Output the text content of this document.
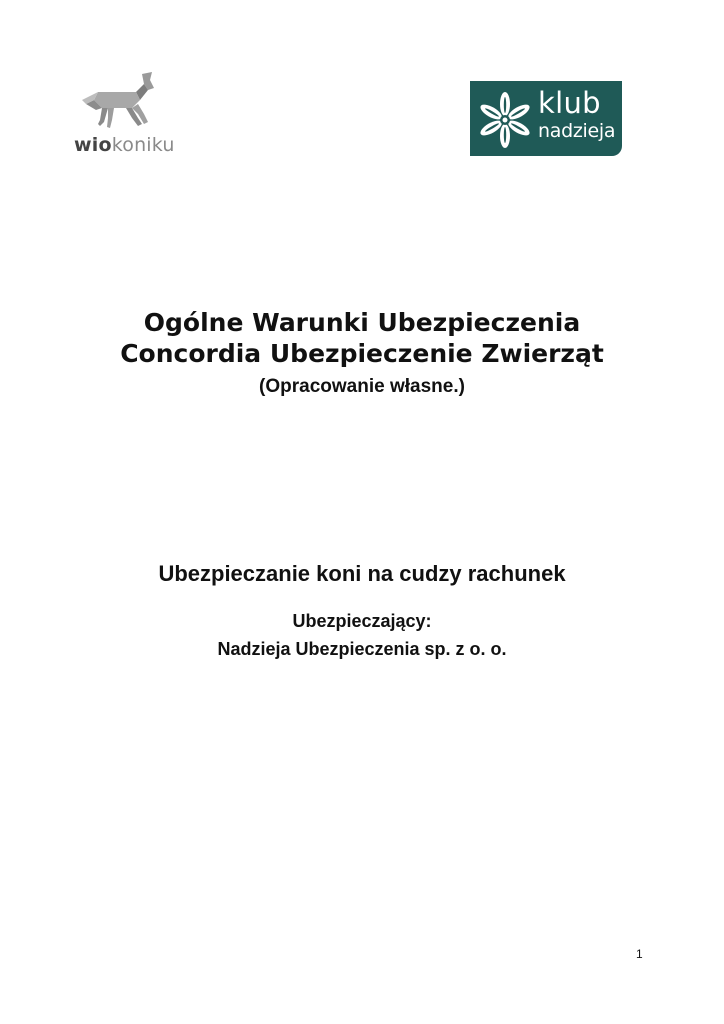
wiokoniku
klub
nadzieja
Ogólne Warunki Ubezpieczenia
Concordia Ubezpieczenie Zwierząt
(Opracowanie własne.)
Ubezpieczanie koni na cudzy rachunek
Ubezpieczający:
Nadzieja Ubezpieczenia sp. z o. o.
1
